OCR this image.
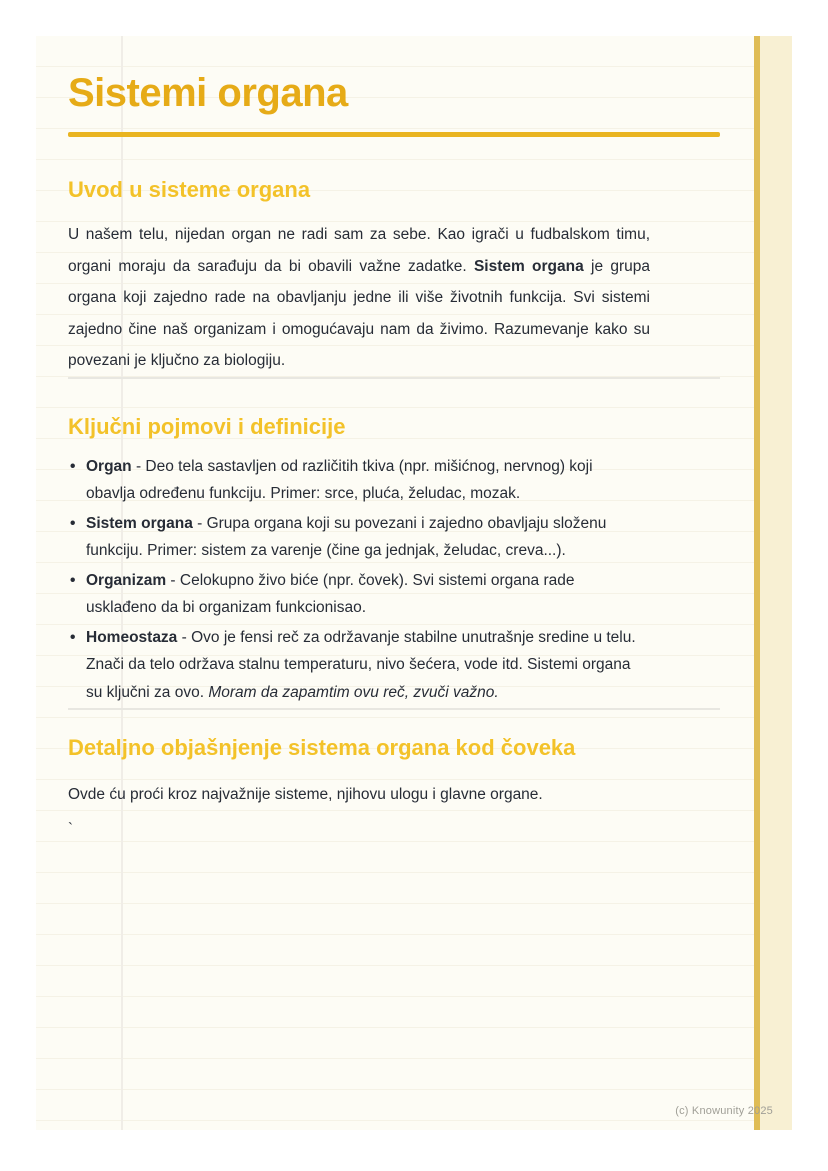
Sistemi organa
Uvod u sisteme organa

U našem telu, nijedan organ ne radi sam za sebe. Kao igrači u fudbalskom timu, organi moraju da sarađuju da bi obavili važne zadatke. Sistem organa je grupa organa koji zajedno rade na obavljanju jedne ili više životnih funkcija. Svi sistemi zajedno čine naš organizam i omogućavaju nam da živimo. Razumevanje kako su povezani je ključno za biologiju.

Ključni pojmovi i definicije
• Organ - Deo tela sastavljen od različitih tkiva (npr. mišićnog, nervnog) koji obavlja određenu funkciju. Primer: srce, pluća, želudac, mozak.
• Sistem organa - Grupa organa koji su povezani i zajedno obavljaju složenu funkciju. Primer: sistem za varenje (čine ga jednjak, želudac, creva...).
• Organizam - Celokupno živo biće (npr. čovek). Svi sistemi organa rade usklađeno da bi organizam funkcionisao.
• Homeostaza - Ovo je fensi reč za održavanje stabilne unutrašnje sredine u telu. Znači da telo održava stalnu temperaturu, nivo šećera, vode itd. Sistemi organa su ključni za ovo. Moram da zapamtim ovu reč, zvuči važno.
Detaljno objašnjenje sistema organa kod čoveka

Ovde ću proći kroz najvažnije sisteme, njihovu ulogu i glavne organe.

`

(c) Knowunity 2025
